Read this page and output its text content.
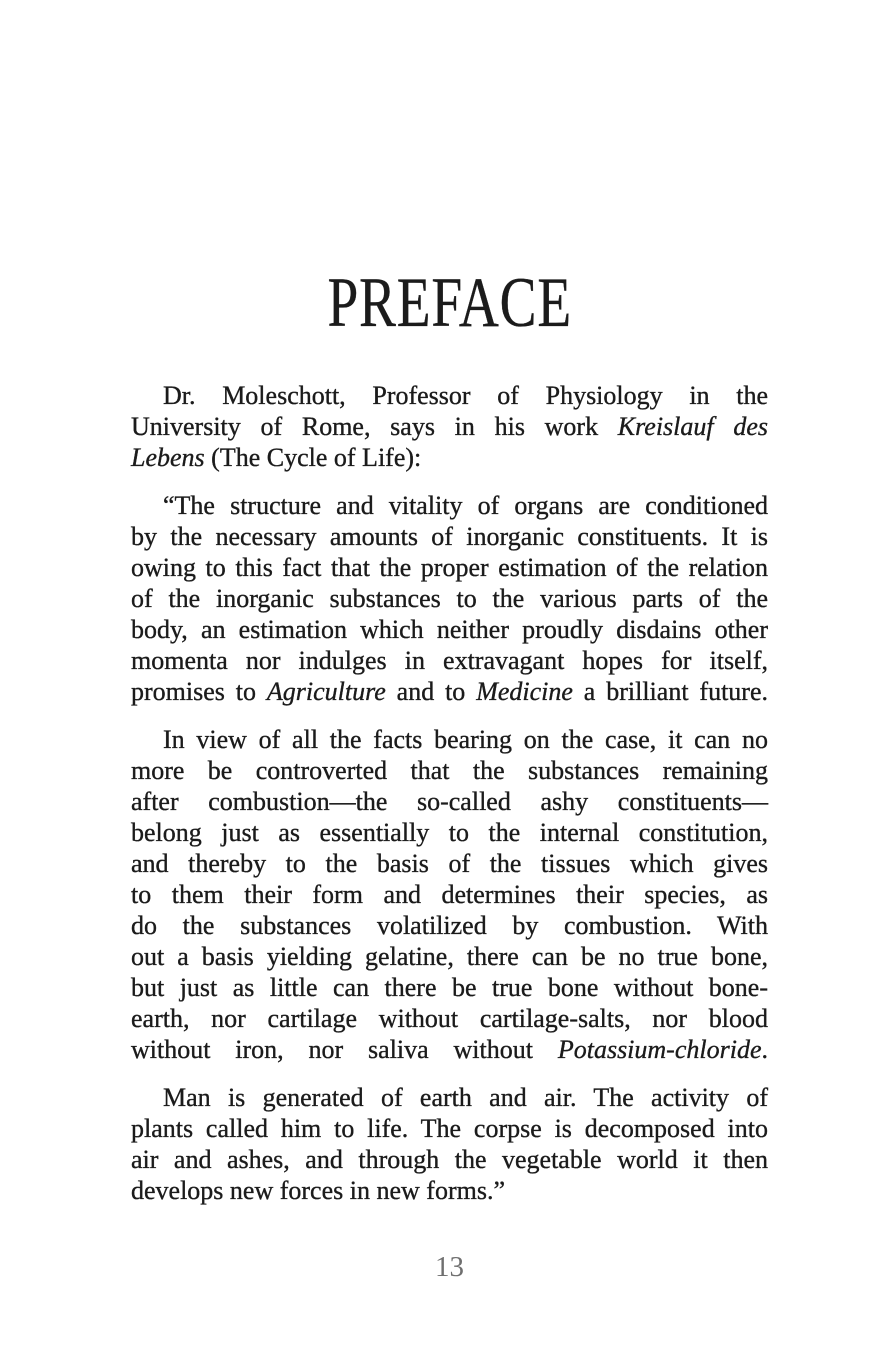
PREFACE

Dr. Moleschott, Professor of Physiology in the
University of Rome, says in his work Kreislauf des
Lebens (The Cycle of Life):

“The structure and vitality of organs are conditioned
by the necessary amounts of inorganic constituents. It is
owing to this fact that the proper estimation of the relation
of the inorganic substances to the various parts of the
body, an estimation which neither proudly disdains other
momenta nor indulges in extravagant hopes for itself,
promises to Agriculture and to Medicine a brilliant future.

In view of all the facts bearing on the case, it can no
more be controverted that the substances remaining
after combustion—the so-called ashy constituents—
belong just as essentially to the internal constitution,
and thereby to the basis of the tissues which gives
to them their form and determines their species, as
do the substances volatilized by combustion. With
out a basis yielding gelatine, there can be no true bone,
but just as little can there be true bone without bone-
earth, nor cartilage without cartilage-salts, nor blood
without iron, nor saliva without Potassium-chloride.

Man is generated of earth and air. The activity of
plants called him to life. The corpse is decomposed into
air and ashes, and through the vegetable world it then
develops new forces in new forms.”

13
